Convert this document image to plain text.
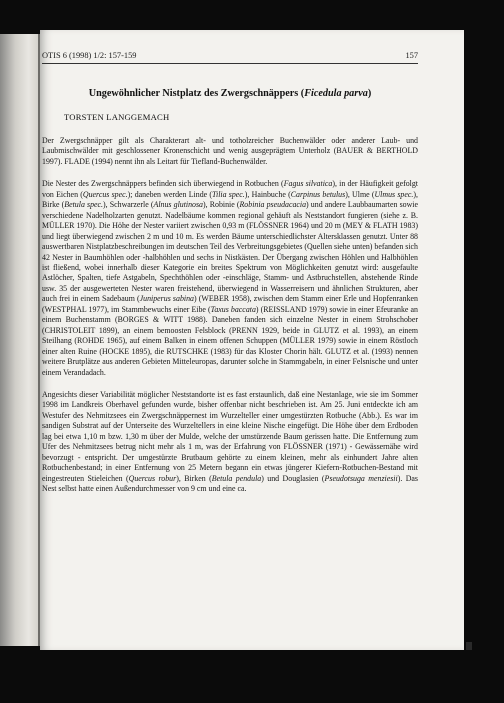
OTIS 6 (1998) 1/2: 157-159	157
Ungewöhnlicher Nistplatz des Zwergschnäppers (Ficedula parva)
TORSTEN LANGGEMACH

Der Zwergschnäpper gilt als Charakterart alt- und totholzreicher Buchenwälder oder anderer Laub- und Laubmischwälder mit geschlossener Kronenschicht und wenig ausgeprägtem Unterholz (BAUER & BERTHOLD 1997). FLADE (1994) nennt ihn als Leitart für Tiefland-Buchenwälder.

Die Nester des Zwergschnäppers befinden sich überwiegend in Rotbuchen (Fagus silvatica), in der Häufigkeit gefolgt von Eichen (Quercus spec.); daneben werden Linde (Tilia spec.), Hainbuche (Carpinus betulus), Ulme (Ulmus spec.), Birke (Betula spec.), Schwarzerle (Alnus glutinosa), Robinie (Robinia pseudacacia) und andere Laubbaumarten sowie verschiedene Nadelholzarten genutzt. Nadelbäume kommen regional gehäuft als Neststandort fungieren (siehe z. B. MÜLLER 1970). Die Höhe der Nester variiert zwischen 0,93 m (FLÖSSNER 1964) und 20 m (MEY & FLATH 1983) und liegt überwiegend zwischen 2 m und 10 m. Es werden Bäume unterschiedlichster Altersklassen genutzt. Unter 88 auswertbaren Nistplatzbeschreibungen im deutschen Teil des Verbreitungsgebietes (Quellen siehe unten) befanden sich 42 Nester in Baumhöhlen oder -halbhöhlen und sechs in Nistkästen. Der Übergang zwischen Höhlen und Halbhöhlen ist fließend, wobei innerhalb dieser Kategorie ein breites Spektrum von Möglichkeiten genutzt wird: ausgefaulte Astlöcher, Spalten, tiefe Astgabeln, Spechthöhlen oder -einschläge, Stamm- und Astbruchstellen, abstehende Rinde usw. 35 der ausgewerteten Nester waren freistehend, überwiegend in Wasserreisern und ähnlichen Strukturen, aber auch frei in einem Sadebaum (Juniperus sabina) (WEBER 1958), zwischen dem Stamm einer Erle und Hopfenranken (WESTPHAL 1977), im Stammbewuchs einer Eibe (Taxus baccata) (REISSLAND 1979) sowie in einer Efeuranke an einem Buchenstamm (BORGES & WITT 1988). Daneben fanden sich einzelne Nester in einem Strohschober (CHRISTOLEIT 1899), an einem bemoosten Felsblock (PRENN 1929, beide in GLUTZ et al. 1993), an einem Steilhang (ROHDE 1965), auf einem Balken in einem offenen Schuppen (MÜLLER 1979) sowie in einem Röstloch einer alten Ruine (HOCKE 1895), die RUTSCHKE (1983) für das Kloster Chorin hält. GLUTZ et al. (1993) nennen weitere Brutplätze aus anderen Gebieten Mitteleuropas, darunter solche in Stammgabeln, in einer Felsnische und unter einem Verandadach.

Angesichts dieser Variabilität möglicher Neststandorte ist es fast erstaunlich, daß eine Nestanlage, wie sie im Sommer 1998 im Landkreis Oberhavel gefunden wurde, bisher offenbar nicht beschrieben ist. Am 25. Juni entdeckte ich am Westufer des Nehmitzsees ein Zwergschnäppernest im Wurzelteller einer umgestürzten Rotbuche (Abb.). Es war im sandigen Substrat auf der Unterseite des Wurzeltellers in eine kleine Nische eingefügt. Die Höhe über dem Erdboden lag bei etwa 1,10 m bzw. 1,30 m über der Mulde, welche der umstürzende Baum gerissen hatte. Die Entfernung zum Ufer des Nehmitzsees betrug nicht mehr als 1 m, was der Erfahrung von FLÖSSNER (1971) - Gewässernähe wird bevorzugt - entspricht. Der umgestürzte Brutbaum gehörte zu einem kleinen, mehr als einhundert Jahre alten Rotbuchenbestand; in einer Entfernung von 25 Metern begann ein etwas jüngerer Kiefern-Rotbuchen-Bestand mit eingestreuten Stieleichen (Quercus robur), Birken (Betula pendula) und Douglasien (Pseudotsuga menziesii). Das Nest selbst hatte einen Außendurchmesser von 9 cm und eine ca.
